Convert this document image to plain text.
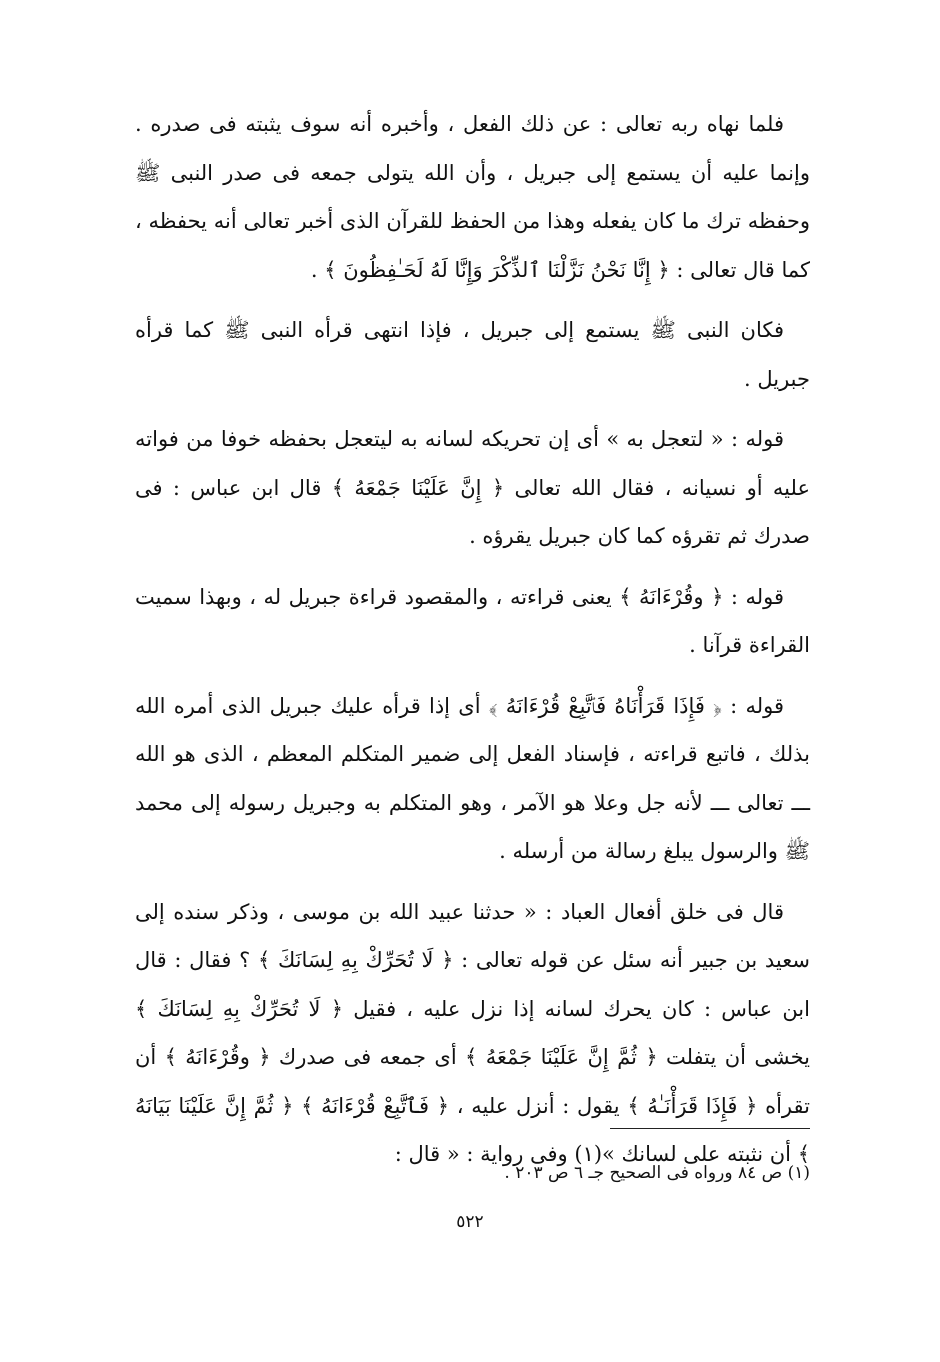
فلما نهاه ربه تعالى : عن ذلك الفعل ، وأخبره أنه سوف يثبته فى صدره . وإنما عليه أن يستمع إلى جبريل ، وأن الله يتولى جمعه فى صدر النبى ﷺ وحفظه ترك ما كان يفعله وهذا من الحفظ للقرآن الذى أخبر تعالى أنه يحفظه ، كما قال تعالى : ﴿ إِنَّا نَحْنُ نَزَّلْنَا ٱلذِّكْرَ وَإِنَّا لَهُ لَحَـٰفِظُونَ ﴾ .

فكان النبى ﷺ يستمع إلى جبريل ، فإذا انتهى قرأه النبى ﷺ كما قرأه جبريل .

قوله : « لتعجل به » أى إن تحريكه لسانه به ليتعجل بحفظه خوفا من فواته عليه أو نسيانه ، فقال الله تعالى ﴿ إِنَّ عَلَيْنَا جَمْعَهُ ﴾ قال ابن عباس : فى صدرك ثم تقرؤه كما كان جبريل يقرؤه .

قوله : ﴿ وقُرْءَانَهُ ﴾ يعنى قراءته ، والمقصود قراءة جبريل له ، وبهذا سميت القراءة قرآنا .

قوله : ﴿ فَإِذَا قَرَأْنَاهُ فَٱتَّبِعْ قُرْءَانَهُ ﴾ أى إذا قرأه عليك جبريل الذى أمره الله بذلك ، فاتبع قراءته ، فإسناد الفعل إلى ضمير المتكلم المعظم ، الذى هو الله ـــ تعالى ـــ لأنه جل وعلا هو الآمر ، وهو المتكلم به وجبريل رسوله إلى محمد ﷺ والرسول يبلغ رسالة من أرسله .

قال فى خلق أفعال العباد : « حدثنا عبيد الله بن موسى ، وذكر سنده إلى سعيد بن جبير أنه سئل عن قوله تعالى : ﴿ لَا تُحَرِّكْ بِهِ لِسَانَكَ ﴾ ؟ فقال : قال ابن عباس : كان يحرك لسانه إذا نزل عليه ، فقيل ﴿ لَا تُحَرِّكْ بِهِ لِسَانَكَ ﴾ يخشى أن يتفلت ﴿ ثُمَّ إِنَّ عَلَيْنَا جَمْعَهُ ﴾ أى جمعه فى صدرك ﴿ وقُرْءَانَهُ ﴾ أن تقرأه ﴿ فَإِذَا قَرَأْنَـٰهُ ﴾ يقول : أنزل عليه ، ﴿ فَٱتَّبِعْ قُرْءَانَهُ ﴾ ﴿ ثُمَّ إِنَّ عَلَيْنَا بَيَانَهُ ﴾ أن نثبته على لسانك »(١) وفى رواية : « قال :

(١) ص ٨٤ ورواه فى الصحيح جـ ٦ ص ٢٠٣ .
٥٢٢
